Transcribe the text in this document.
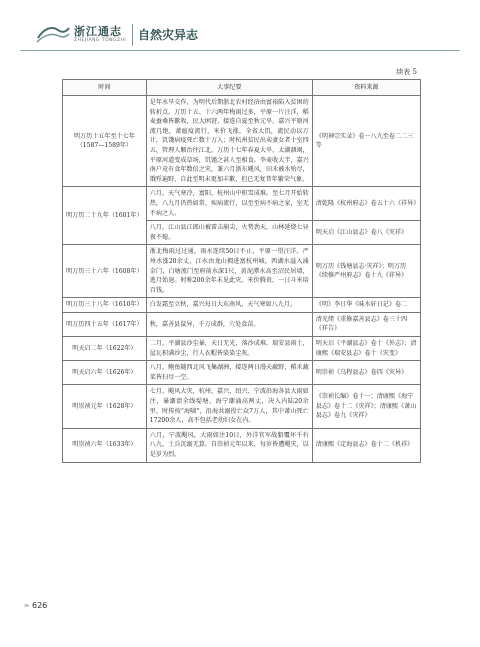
浙江通志
ZHEJIANG TONGZHI 自然灾异志
续表 5
时间	大事纪要	资料来源
明万历十五年至十七年（1587—1589年）	是年水旱交作，为明代后期浙北农村经济由富裕陷入贫困的转折点。万历十五、十六两年梅雨过多，平原一片汪洋，稻麦蚕桑皆歉收，民大困窘。接连自夏至秋元旱，嘉兴平原河流几绝，萧瘟疫流行，米价飞涨，全省大饥，流民动以万计，饥饿病疫死亡数十万人；时杭州贫民出卖妻女者十室四五，管理人顺治往江北。万历十七年春夏大旱，太湖涸竭，平原河道变成草场，饥馑之甚人至相食。李麦收大半，嘉兴南户竟有食年数倍之灾，兼六月浙东飓风，田禾被水殆尽，饿殍遍野，自此至明末更加丰歉，但已无复昔年繁荣气象。	《明神宗实录》卷一八九至卷二二三等
明万历二十九年（1601年）	六月，天气寒冷，富阳、杭州山中积雪成堆。至七月开始转热，八九月仍热如常，疾病流行，以至至病不病之家，室无不病之人。	清乾隆《杭州府志》卷五十六《祥异》
	八月，江山县江郎山被雷击崩尖，火势劲天，山林延烧七昼夜不熄。	明天启《江山县志》卷八《灾祥》
明万历三十六年（1608年）	浙北梅雨过过通，雨水连续50日不止，平原一望汪洋。严州水涨20余丈，江水由龙山拥进富杭州城，西湖水溢入涌金门，白塘流门至府前水深1尺，黄泥潭水高至沼民居墙，逃月始退。时称200余年未见此灾。米价腾贵，一日斗米培百钱。	明万历《钱塘县志·灾祥》；明万历《续修严州府志》卷十九《祥异》
明万历三十八年（1610年）	白发霜至立秋，嘉兴每日大东南风，天气寒如八九月。	《明》李日华《味水轩日记》卷二
明万历四十五年（1617年）	秋，嘉善县鼠异，千万成群，穴处食苗。	清光绪《重修嘉善县志》卷三十四《祥告》
明天启二年（1622年）	二月，平湖县沙尘暴，天日无光，落沙成堆，瑞安县雨土，屋瓦积满沙尘，行人衣帽皆染染尘灰。	明天启《平湖县志》卷十《外志》；清康熙《瑞安县志》卷十《灾变》
明天启六年（1626年）	八月，鲍鱼随西北风飞集湖洲，接连两日漫天蔽野，稻禾蔬菜皆扫尽一空。	明崇祯《乌程县志》卷四《灾异》
明崇祯元年（1628年）	七月，飓风大灾，杭州、嘉兴、绍兴、宁波沿海各县大雨如注，暴潮溃全线堤塘，海宁潮涌高两丈，决入内陆20余里，时传按“海啸”，沿海共溺役亡众7万人，其中萧山死亡17200余人，高不包括老幼妇女在内。	《崇祯长编》卷十一；清康熙《海宁县志》卷十二《灾祥》；清康熙《萧山县志》卷九《灾祥》
明崇祯六年（1633年）	六月，宁波飓风，大雨如注10日，外洋官军战船覆坏千有八九，士兵沉溺无算。自崇祯元年以来，每岁皆遭飓灾，以是岁为烈。	清康熙《定海县志》卷十二《机祥》
≫ 626
